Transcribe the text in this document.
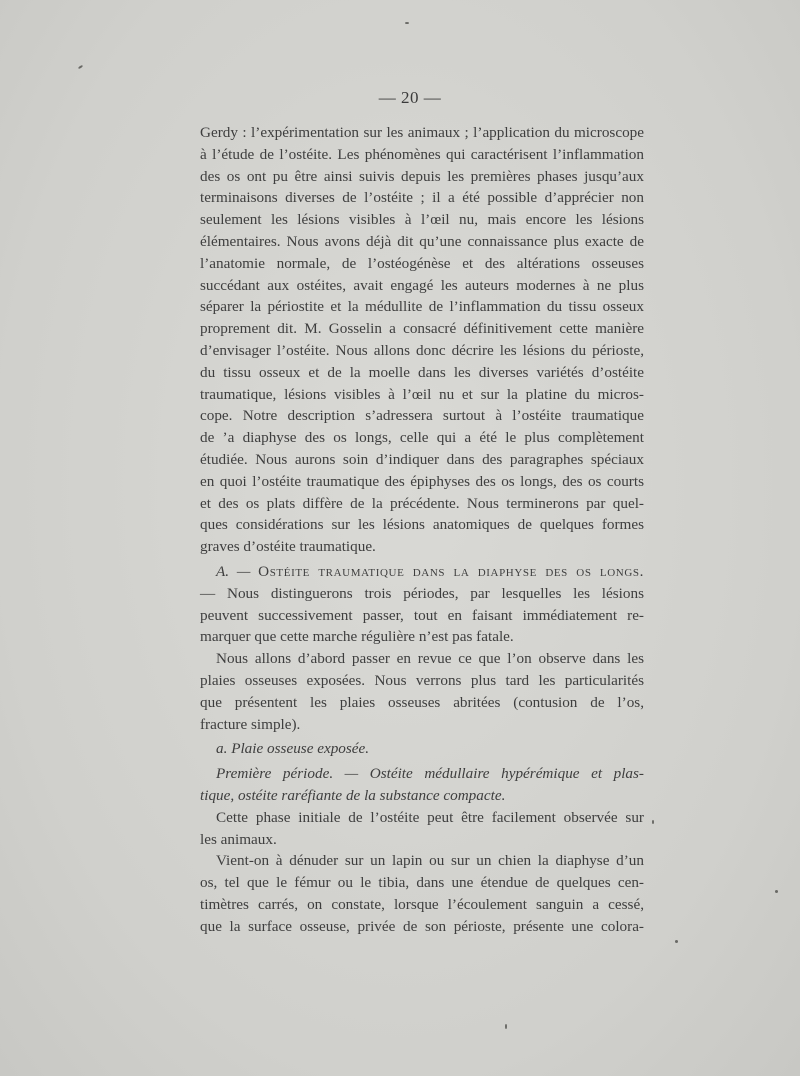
— 20 —
Gerdy : l’expérimentation sur les animaux ; l’application du microscope
à l’étude de l’ostéite. Les phénomènes qui caractérisent l’inflammation
des os ont pu être ainsi suivis depuis les premières phases jusqu’aux
terminaisons diverses de l’ostéite ; il a été possible d’apprécier non
seulement les lésions visibles à l’œil nu, mais encore les lésions
élémentaires. Nous avons déjà dit qu’une connaissance plus exacte de
l’anatomie normale, de l’ostéogénèse et des altérations osseuses
succédant aux ostéites, avait engagé les auteurs modernes à ne plus
séparer la périostite et la médullite de l’inflammation du tissu osseux
proprement dit. M. Gosselin a consacré définitivement cette manière
d’envisager l’ostéite. Nous allons donc décrire les lésions du périoste,
du tissu osseux et de la moelle dans les diverses variétés d’ostéite
traumatique, lésions visibles à l’œil nu et sur la platine du micros-
cope. Notre description s’adressera surtout à l’ostéite traumatique
de ’a diaphyse des os longs, celle qui a été le plus complètement
étudiée. Nous aurons soin d’indiquer dans des paragraphes spéciaux
en quoi l’ostéite traumatique des épiphyses des os longs, des os courts
et des os plats diffère de la précédente. Nous terminerons par quel-
ques considérations sur les lésions anatomiques de quelques formes
graves d’ostéite traumatique.
A. — Ostéite traumatique dans la diaphyse des os longs.
— Nous distinguerons trois périodes, par lesquelles les lésions
peuvent successivement passer, tout en faisant immédiatement re-
marquer que cette marche régulière n’est pas fatale.
Nous allons d’abord passer en revue ce que l’on observe dans les
plaies osseuses exposées. Nous verrons plus tard les particularités
que présentent les plaies osseuses abritées (contusion de l’os,
fracture simple).
a. Plaie osseuse exposée.
Première période. — Ostéite médullaire hypérémique et plas-
tique, ostéite raréfiante de la substance compacte.
Cette phase initiale de l’ostéite peut être facilement observée sur
les animaux.
Vient-on à dénuder sur un lapin ou sur un chien la diaphyse d’un
os, tel que le fémur ou le tibia, dans une étendue de quelques cen-
timètres carrés, on constate, lorsque l’écoulement sanguin a cessé,
que la surface osseuse, privée de son périoste, présente une colora-
